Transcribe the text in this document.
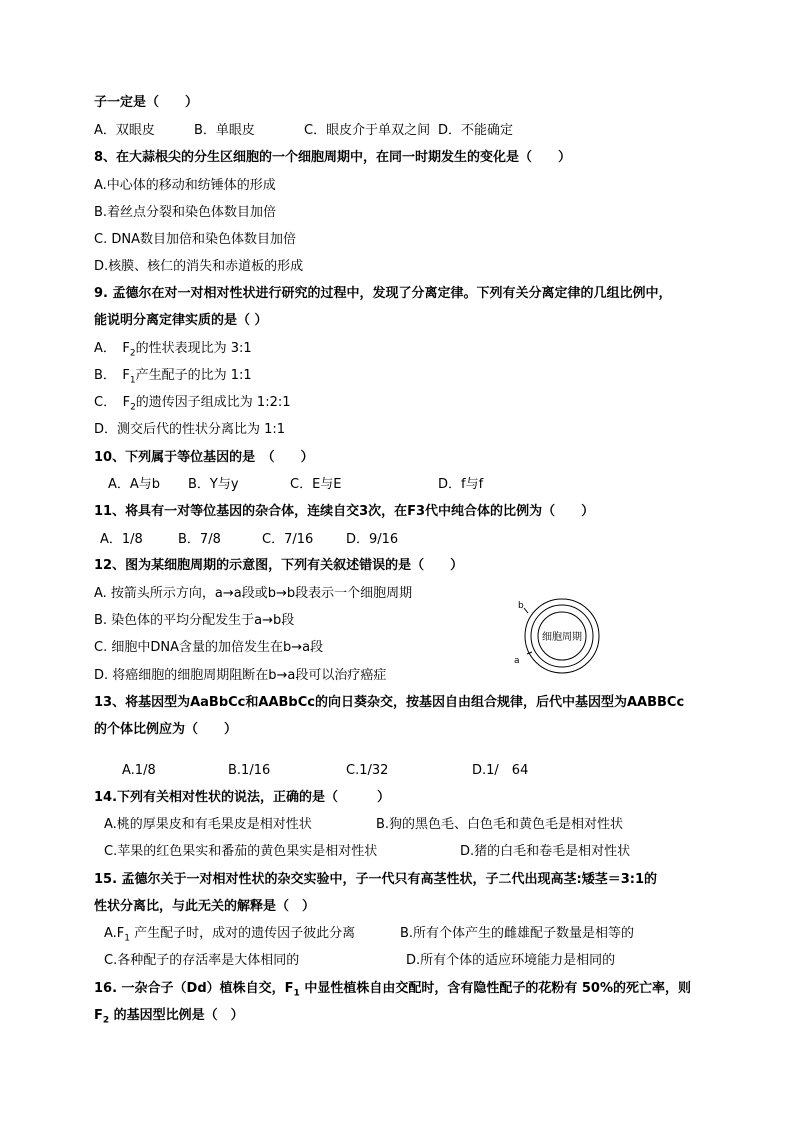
子一定是（　　）
A．双眼皮	B．单眼皮	C．眼皮介于单双之间 D．不能确定
8、在大蒜根尖的分生区细胞的一个细胞周期中，在同一时期发生的变化是（　　）
A.中心体的移动和纺锤体的形成
B.着丝点分裂和染色体数目加倍
C. DNA数目加倍和染色体数目加倍
D.核膜、核仁的消失和赤道板的形成
9. 孟德尔在对一对相对性状进行研究的过程中，发现了分离定律。下列有关分离定律的几组比例中，
能说明分离定律实质的是（ ）
A．　$F_2$的性状表现比为 3:1
B．　$F_1$产生配子的比为 1:1
C．　$F_2$的遗传因子组成比为 1:2:1
D．测交后代的性状分离比为 1:1
10、下列属于等位基因的是　（　　）
A．A与b B．Y与y	C．E与E	D．f与f
11、将具有一对等位基因的杂合体，连续自交3次，在F3代中纯合体的比例为（　　）
A．1/8	B．7/8	C．7/16	D．9/16
12、图为某细胞周期的示意图，下列有关叙述错误的是（　　）
A. 按箭头所示方向，a→a段或b→b段表示一个细胞周期
B. 染色体的平均分配发生于a→b段
C. 细胞中DNA含量的加倍发生在b→a段
D. 将癌细胞的细胞周期阻断在b→a段可以治疗癌症
b
a
细胞周期
13、将基因型为AaBbCc和AABbCc的向日葵杂交，按基因自由组合规律，后代中基因型为AABBCc
的个体比例应为（　　）
A.1/8	B.1/16	C.1/32	D.1/　64
14.下列有关相对性状的说法，正确的是（　　　）
A.桃的厚果皮和有毛果皮是相对性状	B.狗的黑色毛、白色毛和黄色毛是相对性状
C.苹果的红色果实和番茄的黄色果实是相对性状	D.猪的白毛和卷毛是相对性状
15. 孟德尔关于一对相对性状的杂交实验中，子一代只有高茎性状，子二代出现高茎:矮茎＝3:1的
性状分离比，与此无关的解释是（　）
$A.F_1$ 产生配子时，成对的遗传因子彼此分离	B.所有个体产生的雌雄配子数量是相等的
C.各种配子的存活率是大体相同的	D.所有个体的适应环境能力是相同的
16. 一杂合子（Dd）植株自交，$F_1$ 中显性植株自由交配时，含有隐性配子的花粉有 50%的死亡率，则
$F_2$ 的基因型比例是（　）
